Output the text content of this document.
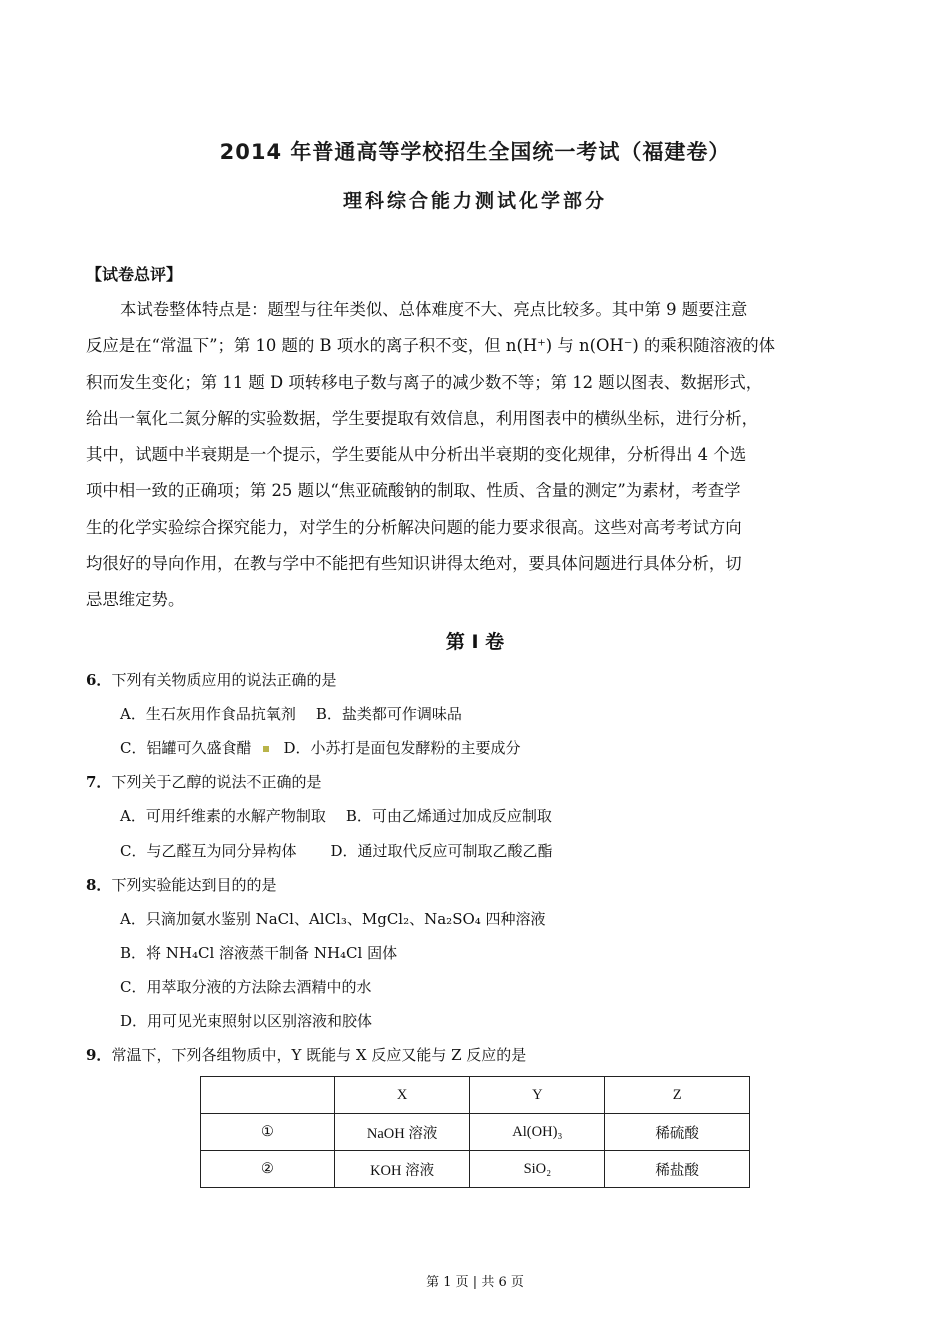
2014 年普通高等学校招生全国统一考试（福建卷）
理科综合能力测试化学部分
【试卷总评】
本试卷整体特点是：题型与往年类似、总体难度不大、亮点比较多。其中第 9 题要注意
反应是在“常温下”；第 10 题的 B 项水的离子积不变，但 n(H⁺) 与 n(OH⁻) 的乘积随溶液的体
积而发生变化；第 11 题 D 项转移电子数与离子的减少数不等；第 12 题以图表、数据形式，
给出一氧化二氮分解的实验数据，学生要提取有效信息，利用图表中的横纵坐标，进行分析，
其中，试题中半衰期是一个提示，学生要能从中分析出半衰期的变化规律，分析得出 4 个选
项中相一致的正确项；第 25 题以“焦亚硫酸钠的制取、性质、含量的测定”为素材，考查学
生的化学实验综合探究能力，对学生的分析解决问题的能力要求很高。这些对高考考试方向
均很好的导向作用，在教与学中不能把有些知识讲得太绝对，要具体问题进行具体分析，切
忌思维定势。
第 I 卷
6．下列有关物质应用的说法正确的是
A．生石灰用作食品抗氧剂 B．盐类都可作调味品
C．铝罐可久盛食醋 D．小苏打是面包发酵粉的主要成分
7．下列关于乙醇的说法不正确的是
A．可用纤维素的水解产物制取 B．可由乙烯通过加成反应制取
C．与乙醛互为同分异构体 D．通过取代反应可制取乙酸乙酯
8．下列实验能达到目的的是
A．只滴加氨水鉴别 NaCl、AlCl₃、MgCl₂、Na₂SO₄ 四种溶液
B．将 NH₄Cl 溶液蒸干制备 NH₄Cl 固体
C．用萃取分液的方法除去酒精中的水
D．用可见光束照射以区别溶液和胶体
9．常温下，下列各组物质中，Y 既能与 X 反应又能与 Z 反应的是
	X	Y	Z
①	NaOH 溶液	Al(OH)₃	稀硫酸
②	KOH 溶液	SiO₂	稀盐酸
第 1 页 | 共 6 页
